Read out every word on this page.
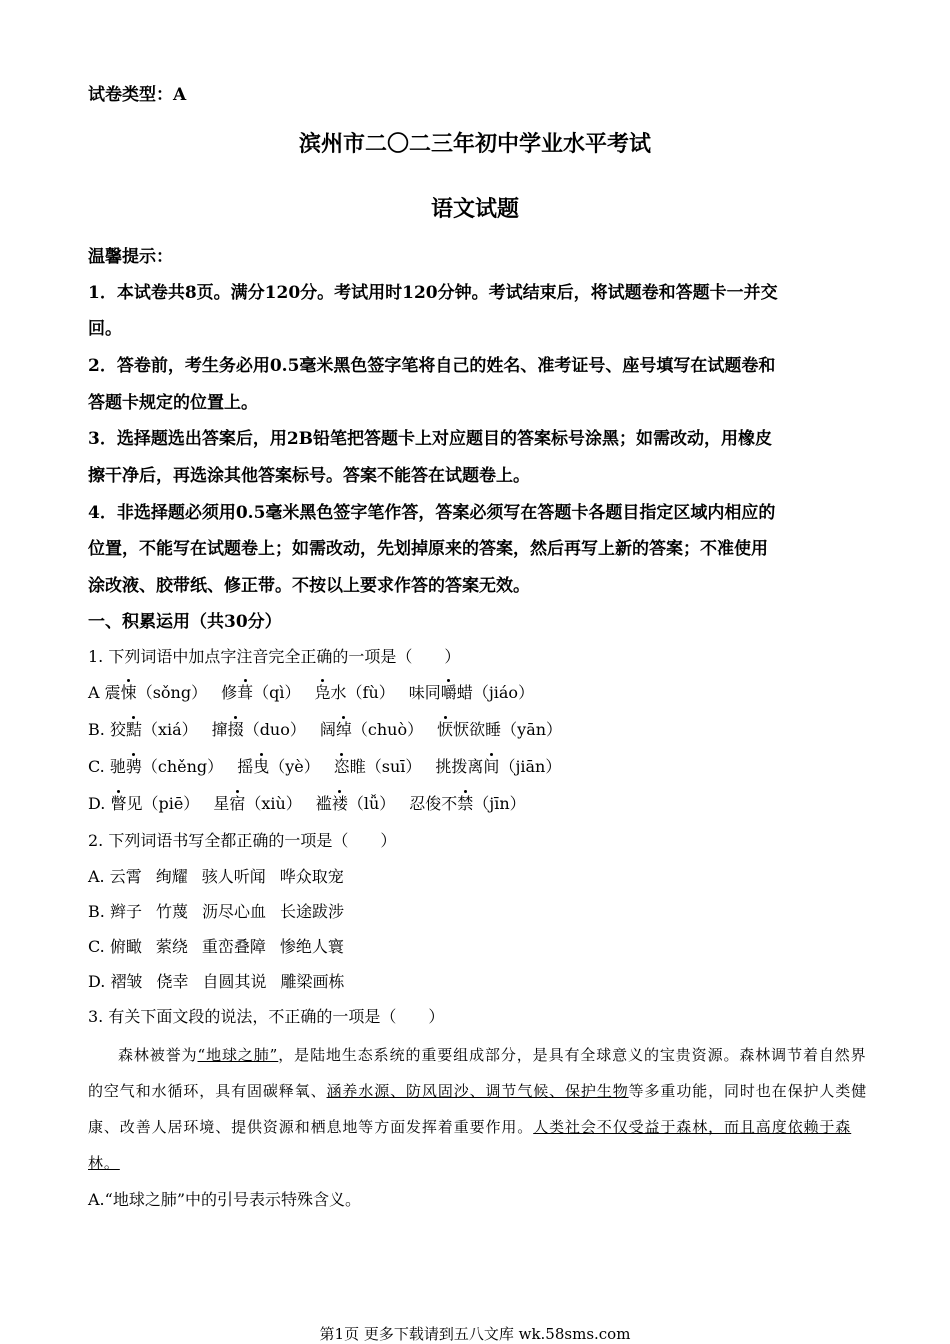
试卷类型：A
滨州市二〇二三年初中学业水平考试
语文试题
温馨提示：
1．本试卷共8页。满分120分。考试用时120分钟。考试结束后，将试题卷和答题卡一并交
回。
2．答卷前，考生务必用0.5毫米黑色签字笔将自己的姓名、准考证号、座号填写在试题卷和
答题卡规定的位置上。
3．选择题选出答案后，用2B铅笔把答题卡上对应题目的答案标号涂黑；如需改动，用橡皮
擦干净后，再选涂其他答案标号。答案不能答在试题卷上。
4．非选择题必须用0.5毫米黑色签字笔作答，答案必须写在答题卡各题目指定区域内相应的
位置，不能写在试题卷上；如需改动，先划掉原来的答案，然后再写上新的答案；不准使用
涂改液、胶带纸、修正带。不按以上要求作答的答案无效。
一、积累运用（共30分）
1. 下列词语中加点字注音完全正确的一项是（　　）
A 震悚（sǒng） 修葺（qì） 凫水（fù） 味同嚼蜡（jiáo）
B. 狡黠（xiá） 撺掇（duo） 阔绰（chuò） 恹恹欲睡（yān）
C. 驰骋（chěng） 摇曳（yè） 恣睢（suī） 挑拨离间（jiān）
D. 瞥见（piē） 星宿（xiù） 褴褛（lǚ） 忍俊不禁（jīn）
2. 下列词语书写全都正确的一项是（　　）
A. 云霄 绚耀 骇人听闻 哗众取宠
B. 辫子 竹蔑 沥尽心血 长途跋涉
C. 俯瞰 萦绕 重峦叠障 惨绝人寰
D. 褶皱 侥幸 自圆其说 雕梁画栋
3. 有关下面文段的说法，不正确的一项是（　　）
森林被誉为“地球之肺”，是陆地生态系统的重要组成部分，是具有全球意义的宝贵资源。森林调节着自然界的空气和水循环，具有固碳释氧、涵养水源、防风固沙、调节气候、保护生物等多重功能，同时也在保护人类健康、改善人居环境、提供资源和栖息地等方面发挥着重要作用。人类社会不仅受益于森林，而且高度依赖于森林。
A.“地球之肺”中的引号表示特殊含义。
第1页 更多下载请到五八文库 wk.58sms.com
